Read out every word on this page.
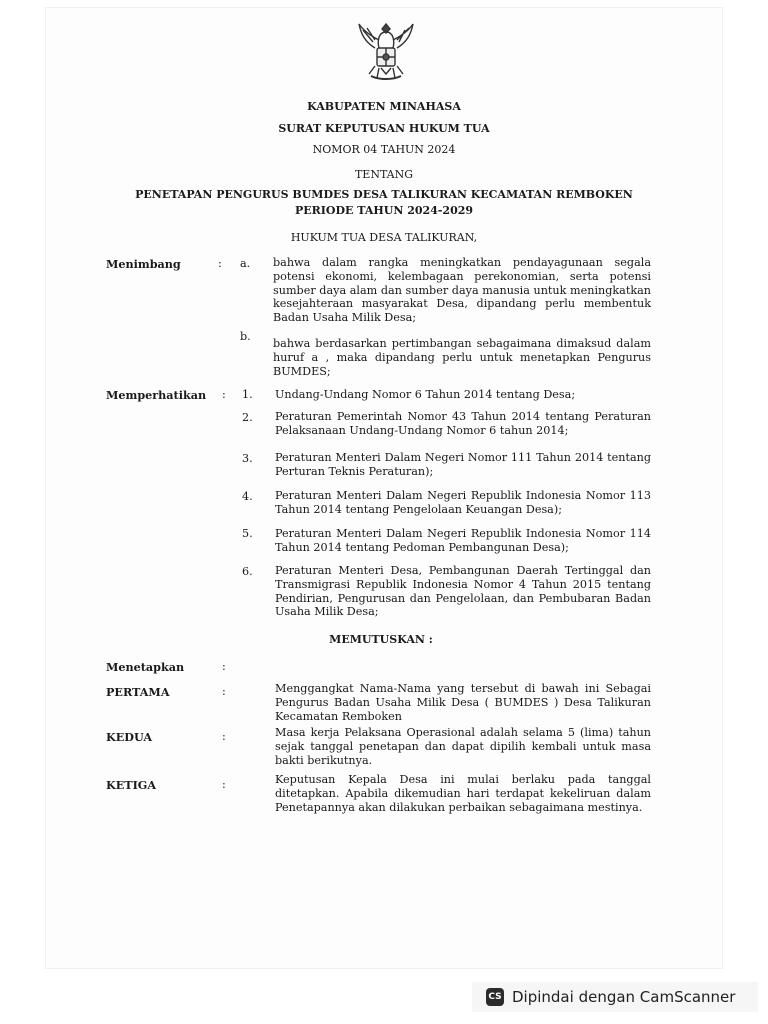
KABUPATEN MINAHASA
SURAT KEPUTUSAN HUKUM TUA
NOMOR 04 TAHUN 2024
TENTANG
PENETAPAN PENGURUS BUMDES DESA TALIKURAN KECAMATAN REMBOKEN
PERIODE TAHUN 2024-2029
HUKUM TUA DESA TALIKURAN,
Menimbang	: a. bahwa dalam rangka meningkatkan pendayagunaan segala potensi ekonomi, kelembagaan perekonomian, serta potensi sumber daya alam dan sumber daya manusia untuk meningkatkan kesejahteraan masyarakat Desa, dipandang perlu membentuk Badan Usaha Milik Desa;
b.
bahwa berdasarkan pertimbangan sebagaimana dimaksud dalam huruf a , maka dipandang perlu untuk menetapkan Pengurus BUMDES;
Memperhatikan : 1. Undang-Undang Nomor 6 Tahun 2014 tentang Desa;
2. Peraturan Pemerintah Nomor 43 Tahun 2014 tentang Peraturan Pelaksanaan Undang-Undang Nomor 6 tahun 2014;
3. Peraturan Menteri Dalam Negeri Nomor 111 Tahun 2014 tentang Perturan Teknis Peraturan);
4. Peraturan Menteri Dalam Negeri Republik Indonesia Nomor 113 Tahun 2014 tentang Pengelolaan Keuangan Desa);
5. Peraturan Menteri Dalam Negeri Republik Indonesia Nomor 114 Tahun 2014 tentang Pedoman Pembangunan Desa);
6. Peraturan Menteri Desa, Pembangunan Daerah Tertinggal dan Transmigrasi Republik Indonesia Nomor 4 Tahun 2015 tentang Pendirian, Pengurusan dan Pengelolaan, dan Pembubaran Badan Usaha Milik Desa;
MEMUTUSKAN :
Menetapkan	:
PERTAMA	:	Menggangkat Nama-Nama yang tersebut di bawah ini Sebagai Pengurus Badan Usaha Milik Desa ( BUMDES ) Desa Talikuran Kecamatan Remboken
KEDUA	:	Masa kerja Pelaksana Operasional adalah selama 5 (lima) tahun sejak tanggal penetapan dan dapat dipilih kembali untuk masa bakti berikutnya.
KETIGA	:	Keputusan Kepala Desa ini mulai berlaku pada tanggal ditetapkan. Apabila dikemudian hari terdapat kekeliruan dalam Penetapannya akan dilakukan perbaikan sebagaimana mestinya.
CS Dipindai dengan CamScanner
